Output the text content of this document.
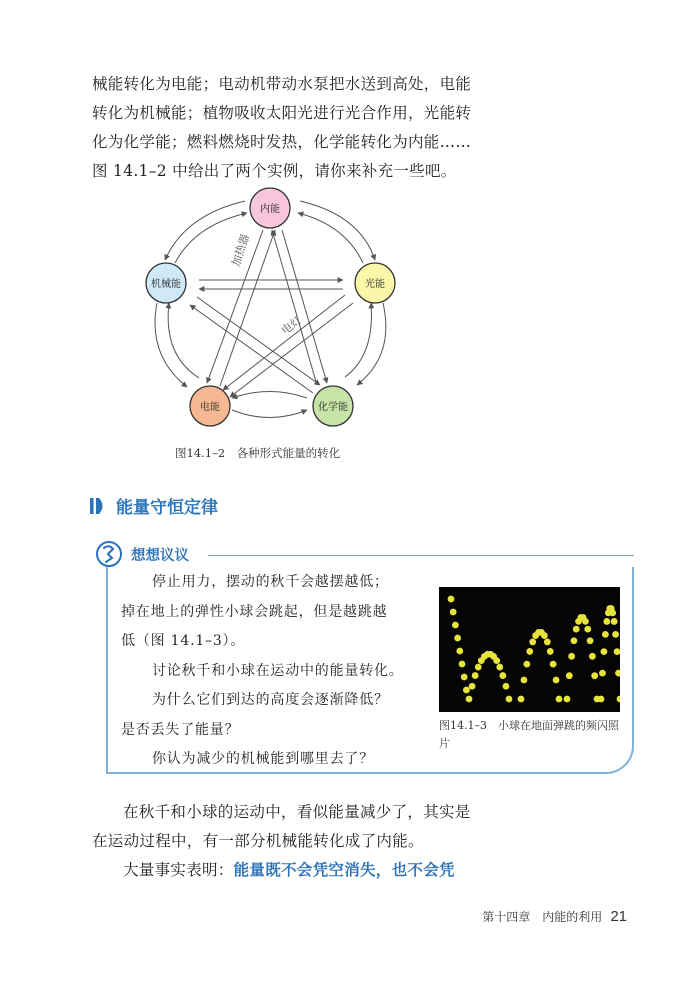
械能转化为电能；电动机带动水泵把水送到高处，电能

转化为机械能；植物吸收太阳光进行光合作用，光能转

化为化学能；燃料燃烧时发热，化学能转化为内能……

图 14.1–2 中给出了两个实例，请你来补充一些吧。

加热器
电灯
内能
机械能	光能
电能	化学能
图14.1–2　各种形式能量的转化
能量守恒定律
想想议议

停止用力，摆动的秋千会越摆越低；

掉在地上的弹性小球会跳起，但是越跳越

低（图 14.1–3）。

讨论秋千和小球在运动中的能量转化。

为什么它们到达的高度会逐渐降低？

是否丢失了能量？

你认为减少的机械能到哪里去了？

图14.1–3　小球在地面弹跳的频闪照片

在秋千和小球的运动中，看似能量减少了，其实是

在运动过程中，有一部分机械能转化成了内能。

大量事实表明：能量既不会凭空消失，也不会凭

第十四章　内能的利用 21
